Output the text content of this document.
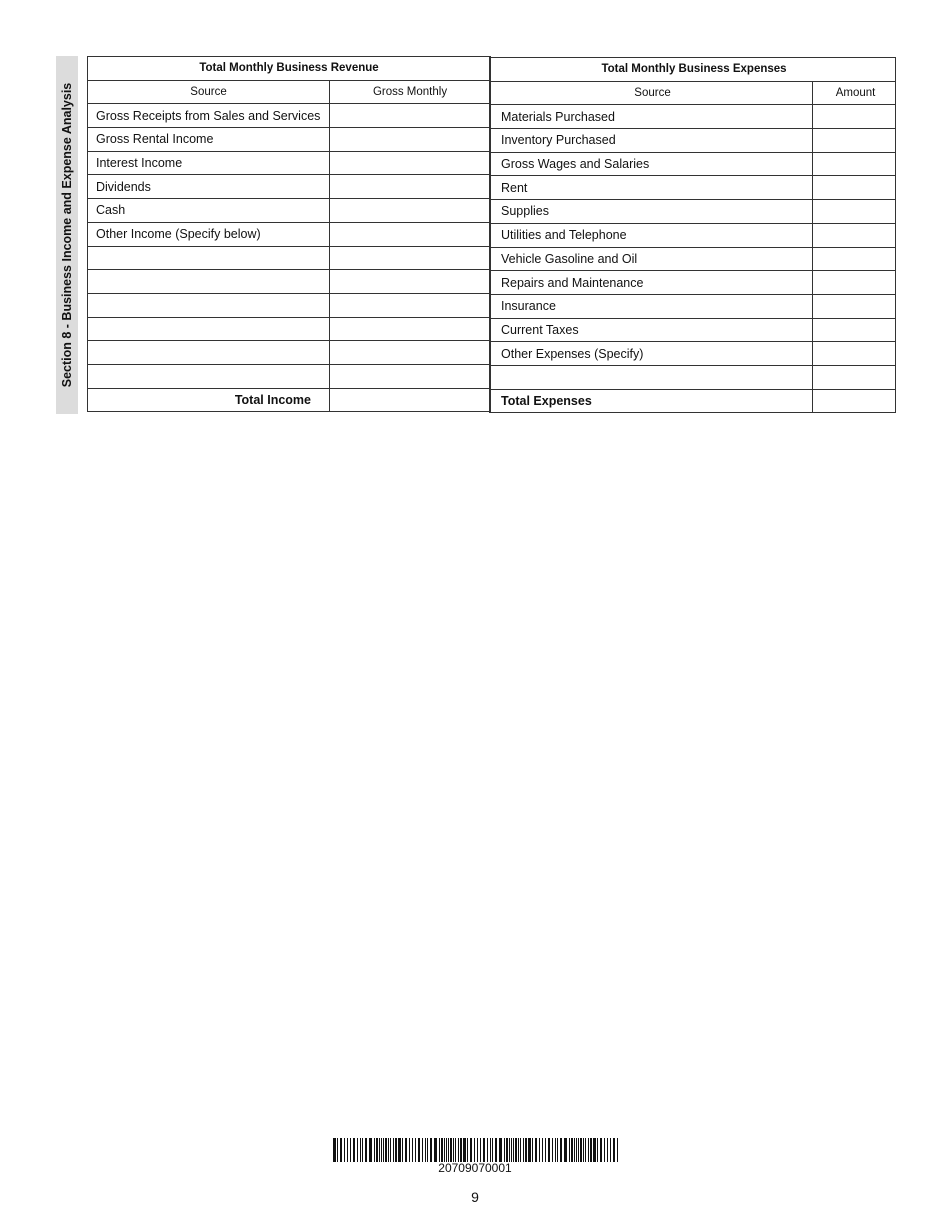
Section 8 - Business Income and Expense Analysis
Total Monthly Business Revenue	
Source	Gross Monthly
Gross Receipts from Sales and Services	
Gross Rental Income	
Interest Income	
Dividends	
Cash	
Other Income (Specify below)	

Total Income	
Total Monthly Business Expenses	
Source	Amount
Materials Purchased	
Inventory Purchased	
Gross Wages and Salaries	
Rent	
Supplies	
Utilities and Telephone	
Vehicle Gasoline and Oil	
Repairs and Maintenance	
Insurance	
Current Taxes	
Other Expenses (Specify)	

Total Expenses	
20709070001
9
